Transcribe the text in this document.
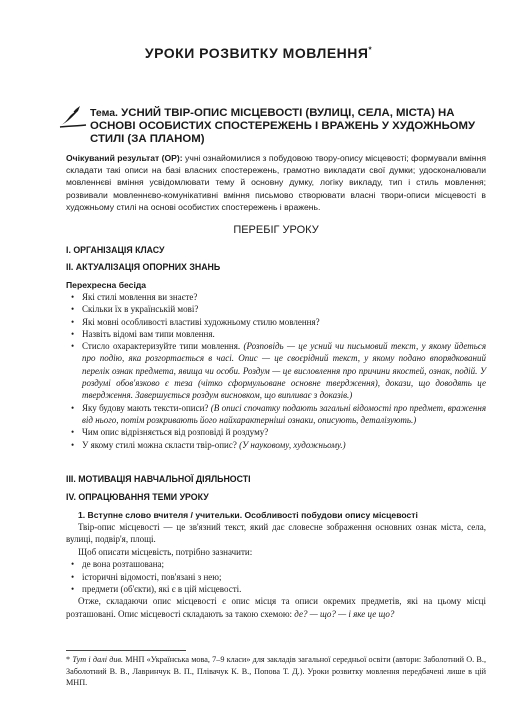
УРОКИ РОЗВИТКУ МОВЛЕННЯ*
Тема. УСНИЙ ТВІР-ОПИС МІСЦЕВОСТІ (ВУЛИЦІ, СЕЛА, МІСТА) НА ОСНОВІ ОСОБИСТИХ СПОСТЕРЕЖЕНЬ І ВРАЖЕНЬ У ХУДОЖНЬОМУ СТИЛІ (ЗА ПЛАНОМ)
Очікуваний результат (ОР): учні ознайомилися з побудовою твору-опису місцевості; формували вміння складати такі описи на базі власних спостережень, грамотно викладати свої думки; удосконалювали мовленнєві вміння усвідомлювати тему й основну думку, логіку викладу, тип і стиль мовлення; розвивали мовленнєво-комунікативні вміння письмово створювати власні твори-описи місцевості в художньому стилі на основі особистих спостережень і вражень.
ПЕРЕБІГ УРОКУ
І. ОРГАНІЗАЦІЯ КЛАСУ
ІІ. АКТУАЛІЗАЦІЯ ОПОРНИХ ЗНАНЬ
Перехресна бесіда
• Які стилі мовлення ви знаєте?
• Скільки їх в українській мові?
• Які мовні особливості властиві художньому стилю мовлення?
• Назвіть відомі вам типи мовлення.
• Стисло охарактеризуйте типи мовлення. (Розповідь — це усний чи письмовий текст, у якому йдеться про подію, яка розгортається в часі. Опис — це своєрідний текст, у якому подано впорядкований перелік ознак предмета, явища чи особи. Роздум — це висловлення про причини якостей, ознак, подій. У роздумі обов'язково є теза (чітко сформульоване основне твердження), докази, що доводять це твердження. Завершується роздум висновком, що випливає з доказів.)
• Яку будову мають тексти-описи? (В описі спочатку подають загальні відомості про предмет, враження від нього, потім розкривають його найхарактерніші ознаки, описують, деталізують.)
• Чим опис відрізняється від розповіді й роздуму?
• У якому стилі можна скласти твір-опис? (У науковому, художньому.)
ІІІ. МОТИВАЦІЯ НАВЧАЛЬНОЇ ДІЯЛЬНОСТІ
IV. ОПРАЦЮВАННЯ ТЕМИ УРОКУ
1. Вступне слово вчителя / учительки. Особливості побудови опису місцевості

Твір-опис місцевості — це зв'язний текст, який дає словесне зображення основних ознак міста, села, вулиці, подвір'я, площі.

Щоб описати місцевість, потрібно зазначити:

• де вона розташована;
• історичні відомості, пов'язані з нею;
• предмети (об'єкти), які є в цій місцевості.

Отже, складаючи опис місцевості є опис місця та описи окремих предметів, які на цьому місці розташовані. Опис місцевості складають за такою схемою: де? — що? — і яке це що?

* Тут і далі див. МНП «Українська мова, 7–9 класи» для закладів загальної середньої освіти (автори: Заболотний О. В., Заболотний В. В., Лавринчук В. П., Плівачук К. В., Попова Т. Д.). Уроки розвитку мовлення передбачені лише в цій МНП.
